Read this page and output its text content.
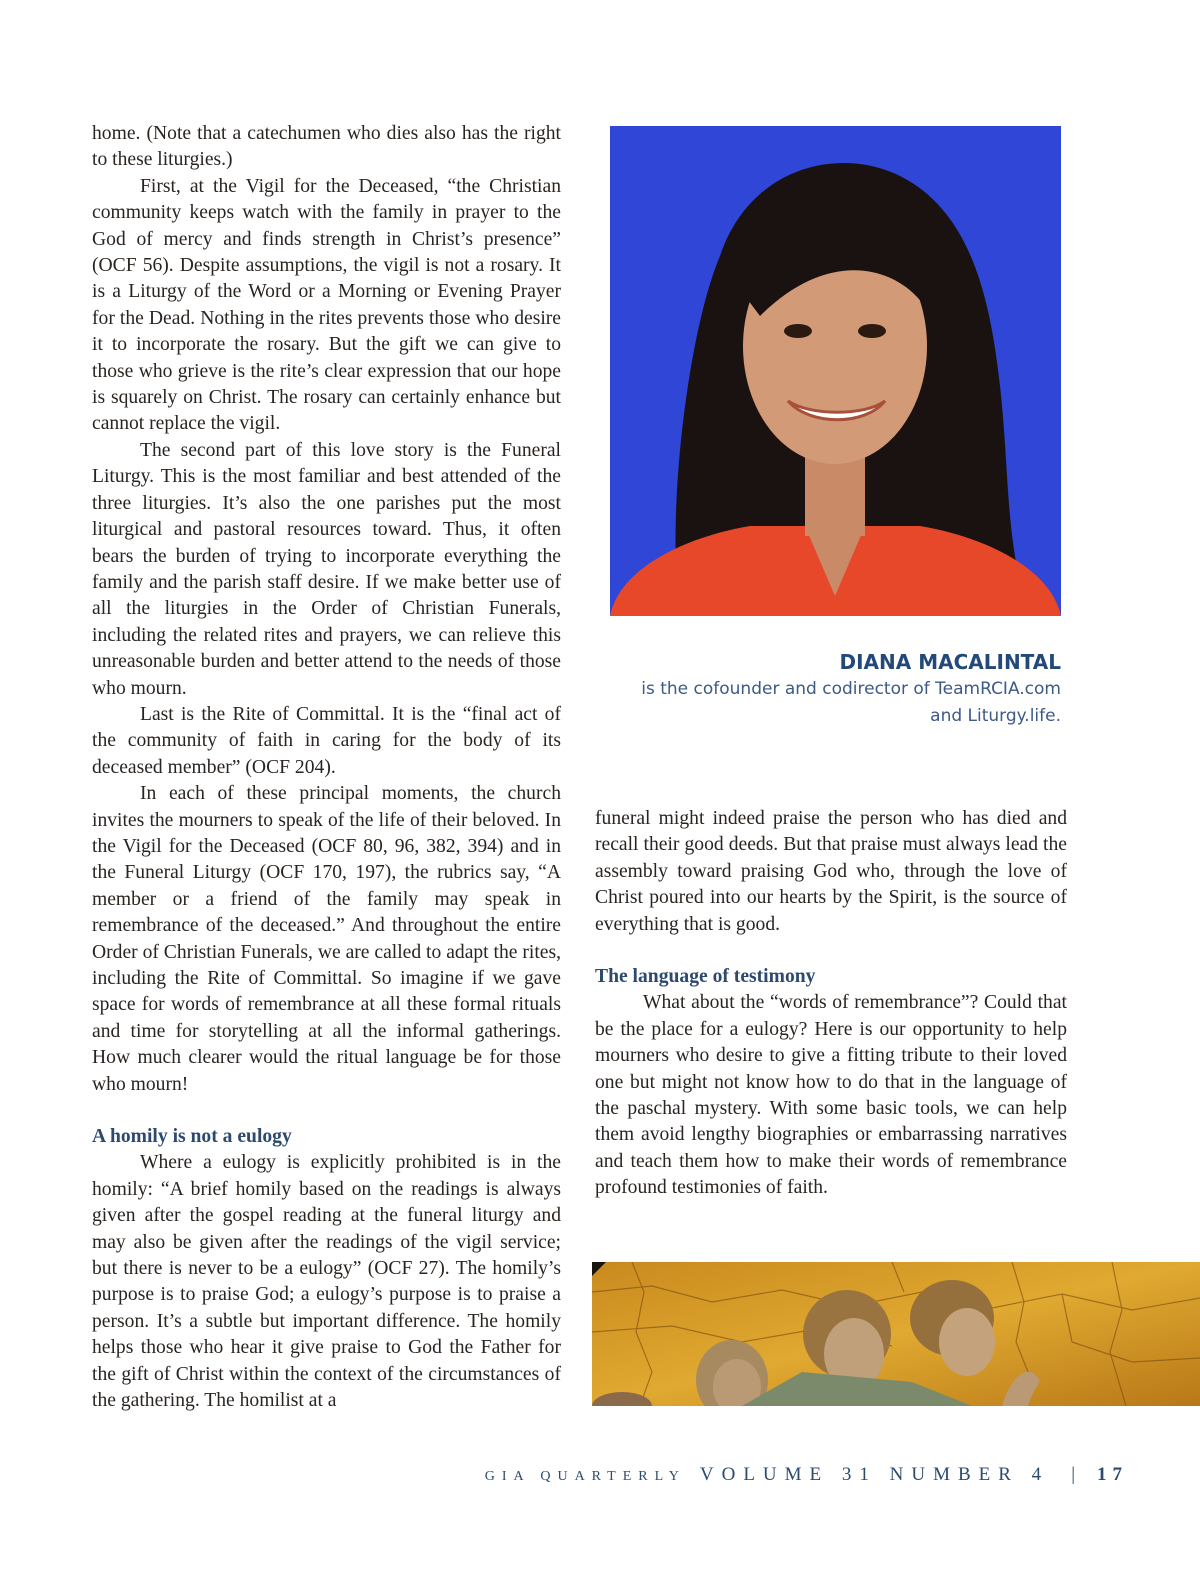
home. (Note that a catechumen who dies also has the right to these liturgies.)

First, at the Vigil for the Deceased, “the Christian community keeps watch with the family in prayer to the God of mercy and finds strength in Christ’s presence” (OCF 56). Despite assumptions, the vigil is not a rosary. It is a Liturgy of the Word or a Morning or Evening Prayer for the Dead. Nothing in the rites prevents those who desire it to incorporate the rosary. But the gift we can give to those who grieve is the rite’s clear expression that our hope is squarely on Christ. The rosary can certainly enhance but cannot replace the vigil.

The second part of this love story is the Funeral Liturgy. This is the most familiar and best attended of the three liturgies. It’s also the one parishes put the most liturgical and pastoral resources toward. Thus, it often bears the burden of trying to incorporate everything the family and the parish staff desire. If we make better use of all the liturgies in the Order of Christian Funerals, including the related rites and prayers, we can relieve this unreasonable burden and better attend to the needs of those who mourn.

Last is the Rite of Committal. It is the “final act of the community of faith in caring for the body of its deceased member” (OCF 204).

In each of these principal moments, the church invites the mourners to speak of the life of their beloved. In the Vigil for the Deceased (OCF 80, 96, 382, 394) and in the Funeral Liturgy (OCF 170, 197), the rubrics say, “A member or a friend of the family may speak in remembrance of the deceased.” And throughout the entire Order of Christian Funerals, we are called to adapt the rites, including the Rite of Committal. So imagine if we gave space for words of remembrance at all these formal rituals and time for storytelling at all the informal gatherings. How much clearer would the ritual language be for those who mourn!

A homily is not a eulogy

Where a eulogy is explicitly prohibited is in the homily: “A brief homily based on the readings is always given after the gospel reading at the funeral liturgy and may also be given after the readings of the vigil service; but there is never to be a eulogy” (OCF 27). The homily’s purpose is to praise God; a eulogy’s purpose is to praise a person. It’s a subtle but important difference. The homily helps those who hear it give praise to God the Father for the gift of Christ within the context of the circumstances of the gathering. The homilist at a

DIANA MACALINTAL
is the cofounder and codirector of TeamRCIA.com
and Liturgy.life.

funeral might indeed praise the person who has died and recall their good deeds. But that praise must always lead the assembly toward praising God who, through the love of Christ poured into our hearts by the Spirit, is the source of everything that is good.

The language of testimony

What about the “words of remembrance”? Could that be the place for a eulogy? Here is our opportunity to help mourners who desire to give a fitting tribute to their loved one but might not know how to do that in the language of the paschal mystery. With some basic tools, we can help them avoid lengthy biographies or embarrassing narratives and teach them how to make their words of remembrance profound testimonies of faith.

GIA QUARTERLY VOLUME 31 NUMBER 4 | 17
